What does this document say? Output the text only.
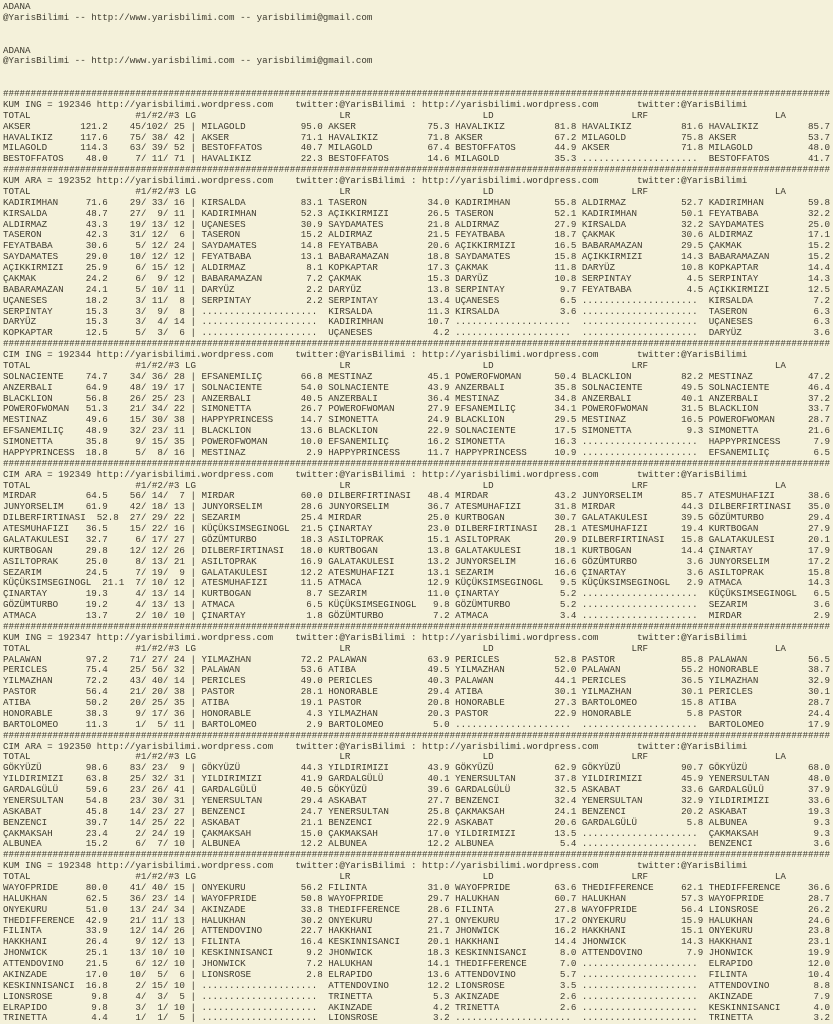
ADANA
@YarisBilimi -- http://www.yarisbilimi.com -- yarisbilimi@gmail.com

ADANA
@YarisBilimi -- http://www.yarisbilimi.com -- yarisbilimi@gmail.com

######################################################################################################################################################
KUM ING = 192346 http://yarisbilimi.wordpress.com    twitter:@YarisBilimi : http://yarisbilimi.wordpress.com       twitter:@YarisBilimi
TOTAL                   #1/#2/#3 LG                          LR                        LD                         LRF                       LA
AKSER         121.2    45/102/ 25 | MILAGOLD          95.0 AKSER             75.3 HAVALIKIZ         81.8 HAVALIKIZ         81.6 HAVALIKIZ         85.7
HAVALIKIZ     117.6    75/ 38/ 42 | AKSER             71.1 HAVALIKIZ         71.8 AKSER             67.2 MILAGOLD          75.8 AKSER             53.7
MILAGOLD      114.3    63/ 39/ 52 | BESTOFFATOS       40.7 MILAGOLD          67.4 BESTOFFATOS       44.9 AKSER             71.8 MILAGOLD          48.0
BESTOFFATOS    48.0     7/ 11/ 71 | HAVALIKIZ         22.3 BESTOFFATOS       14.6 MILAGOLD          35.3 .....................  BESTOFFATOS       41.7
######################################################################################################################################################
KUM ARA = 192352 http://yarisbilimi.wordpress.com    twitter:@YarisBilimi : http://yarisbilimi.wordpress.com       twitter:@YarisBilimi
TOTAL                   #1/#2/#3 LG                          LR                        LD                         LRF                       LA
KADIRIMHAN     71.6    29/ 33/ 16 | KIRSALDA          83.1 TASERON           34.0 KADIRIMHAN        55.8 ALDIRMAZ          52.7 KADIRIMHAN        59.8
KIRSALDA       48.7    27/  9/ 11 | KADIRIMHAN        52.3 AÇIKKIRMIZI       26.5 TASERON           52.1 KADIRIMHAN        50.1 FEYATBABA         32.2
ALDIRMAZ       43.3    19/ 13/ 12 | UÇANESES          30.9 SAYDAMATES        21.8 ALDIRMAZ          27.9 KIRSALDA          32.2 SAYDAMATES        25.0
TASERON        42.3    31/ 12/  6 | TASERON           15.2 ALDIRMAZ          21.5 FEYATBABA         18.7 ÇAKMAK            30.6 ALDIRMAZ          17.1
FEYATBABA      30.6     5/ 12/ 24 | SAYDAMATES        14.8 FEYATBABA         20.6 AÇIKKIRMIZI       16.5 BABARAMAZAN       29.5 ÇAKMAK            15.2
SAYDAMATES     29.0    10/ 12/ 12 | FEYATBABA         13.1 BABARAMAZAN       18.8 SAYDAMATES        15.8 AÇIKKIRMIZI       14.3 BABARAMAZAN       15.2
AÇIKKIRMIZI    25.9     6/ 15/ 12 | ALDIRMAZ           8.1 KOPKAPTAR         17.3 ÇAKMAK            11.8 DARYÜZ            10.8 KOPKAPTAR         14.4
ÇAKMAK         24.2     6/  9/ 12 | BABARAMAZAN        7.2 ÇAKMAK            15.3 DARYÜZ            10.8 SERPINTAY          4.5 SERPINTAY         14.3
BABARAMAZAN    24.1     5/ 10/ 11 | DARYÜZ             2.2 DARYÜZ            13.8 SERPINTAY          9.7 FEYATBABA          4.5 AÇIKKIRMIZI       12.5
UÇANESES       18.2     3/ 11/  8 | SERPINTAY          2.2 SERPINTAY         13.4 UÇANESES           6.5 .....................  KIRSALDA           7.2
SERPINTAY      15.3     3/  9/  8 | .....................  KIRSALDA          11.3 KIRSALDA           3.6 .....................  TASERON            6.3
DARYÜZ         15.3     3/  4/ 14 | .....................  KADIRIMHAN        10.7 .....................  .....................  UÇANESES           6.3
KOPKAPTAR      12.5     5/  3/  6 | .....................  UÇANESES           4.2 .....................  .....................  DARYÜZ             3.6
######################################################################################################################################################
CIM ING = 192344 http://yarisbilimi.wordpress.com    twitter:@YarisBilimi : http://yarisbilimi.wordpress.com       twitter:@YarisBilimi
TOTAL                   #1/#2/#3 LG                          LR                        LD                         LRF                       LA
SOLNACIENTE    74.7    34/ 36/ 28 | EFSANEMILIÇ       66.8 MESTINAZ          45.1 POWEROFWOMAN      50.4 BLACKLION         82.2 MESTINAZ          47.2
ANZERBALI      64.9    48/ 19/ 17 | SOLNACIENTE       54.0 SOLNACIENTE       43.9 ANZERBALI         35.8 SOLNACIENTE       49.5 SOLNACIENTE       46.4
BLACKLION      56.8    26/ 25/ 23 | ANZERBALI         40.5 ANZERBALI         36.4 MESTINAZ          34.8 ANZERBALI         40.1 ANZERBALI         37.2
POWEROFWOMAN   51.3    21/ 34/ 22 | SIMONETTA         26.7 POWEROFWOMAN      27.9 EFSANEMILIÇ       34.1 POWEROFWOMAN      31.5 BLACKLION         33.7
MESTINAZ       49.6    15/ 30/ 38 | HAPPYPRINCESS     14.7 SIMONETTA         24.9 BLACKLION         29.5 MESTINAZ          16.5 POWEROFWOMAN      28.7
EFSANEMILIÇ    48.9    32/ 23/ 11 | BLACKLION         13.6 BLACKLION         22.9 SOLNACIENTE       17.5 SIMONETTA          9.3 SIMONETTA         21.6
SIMONETTA      35.8     9/ 15/ 35 | POWEROFWOMAN      10.0 EFSANEMILIÇ       16.2 SIMONETTA         16.3 .....................  HAPPYPRINCESS      7.9
HAPPYPRINCESS  18.8     5/  8/ 16 | MESTINAZ           2.9 HAPPYPRINCESS     11.7 HAPPYPRINCESS     10.9 .....................  EFSANEMILIÇ        6.5
######################################################################################################################################################
CIM ARA = 192349 http://yarisbilimi.wordpress.com    twitter:@YarisBilimi : http://yarisbilimi.wordpress.com       twitter:@YarisBilimi
TOTAL                   #1/#2/#3 LG                          LR                        LD                         LRF                       LA
MIRDAR         64.5    56/ 14/  7 | MIRDAR            60.0 DILBERFIRTINASI   48.4 MIRDAR            43.2 JUNYORSELIM       85.7 ATESMUHAFIZI      38.6
JUNYORSELIM    61.9    42/ 18/ 13 | JUNYORSELIM       28.6 JUNYORSELIM       36.7 ATESMUHAFIZI      31.8 MIRDAR            44.3 DILBERFIRTINASI   35.0
DILBERFIRTINASI  52.8  27/ 29/ 22 | SEZARIM           25.4 MIRDAR            25.0 KURTBOGAN         30.7 GALATAKULESI      39.5 GÖZÜMTURBO        29.4
ATESMUHAFIZI   36.5    15/ 22/ 16 | KÜÇÜKSIMSEGINOGL  21.5 ÇINARTAY          23.0 DILBERFIRTINASI   28.1 ATESMUHAFIZI      19.4 KURTBOGAN         27.9
GALATAKULESI   32.7     6/ 17/ 27 | GÖZÜMTURBO        18.3 ASILTOPRAK        15.1 ASILTOPRAK        20.9 DILBERFIRTINASI   15.8 GALATAKULESI      20.1
KURTBOGAN      29.8    12/ 12/ 26 | DILBERFIRTINASI   18.0 KURTBOGAN         13.8 GALATAKULESI      18.1 KURTBOGAN         14.4 ÇINARTAY          17.9
ASILTOPRAK     25.0     8/ 13/ 21 | ASILTOPRAK        16.9 GALATAKULESI      13.2 JUNYORSELIM       16.6 GÖZÜMTURBO         3.6 JUNYORSELIM       17.2
SEZARIM        24.5     7/ 19/  9 | GALATAKULESI      12.2 ATESMUHAFIZI      13.1 SEZARIM           16.6 ÇINARTAY           3.6 ASILTOPRAK        15.8
KÜÇÜKSIMSEGINOGL  21.1  7/ 10/ 12 | ATESMUHAFIZI      11.5 ATMACA            12.9 KÜÇÜKSIMSEGINOGL   9.5 KÜÇÜKSIMSEGINOGL   2.9 ATMACA            14.3
ÇINARTAY       19.3     4/ 13/ 14 | KURTBOGAN          8.7 SEZARIM           11.0 ÇINARTAY           5.2 .....................  KÜÇÜKSIMSEGINOGL   6.5
GÖZÜMTURBO     19.2     4/ 13/ 13 | ATMACA             6.5 KÜÇÜKSIMSEGINOGL   9.8 GÖZÜMTURBO         5.2 .....................  SEZARIM            3.6
ATMACA         13.7     2/ 10/ 10 | ÇINARTAY           1.8 GÖZÜMTURBO         7.2 ATMACA             3.4 .....................  MIRDAR             2.9
######################################################################################################################################################
KUM ING = 192347 http://yarisbilimi.wordpress.com    twitter:@YarisBilimi : http://yarisbilimi.wordpress.com       twitter:@YarisBilimi
TOTAL                   #1/#2/#3 LG                          LR                        LD                         LRF                       LA
PALAWAN        97.2    71/ 27/ 24 | YILMAZHAN         72.2 PALAWAN           63.9 PERICLES          52.8 PASTOR            85.8 PALAWAN           56.5
PERICLES       75.4    25/ 56/ 32 | PALAWAN           53.6 ATIBA             49.5 YILMAZHAN         52.0 PALAWAN           55.2 HONORABLE         38.7
YILMAZHAN      72.2    43/ 40/ 14 | PERICLES          49.0 PERICLES          40.3 PALAWAN           44.1 PERICLES          36.5 YILMAZHAN         32.9
PASTOR         56.4    21/ 20/ 38 | PASTOR            28.1 HONORABLE         29.4 ATIBA             30.1 YILMAZHAN         30.1 PERICLES          30.1
ATIBA          50.2    20/ 25/ 35 | ATIBA             19.1 PASTOR            20.8 HONORABLE         27.3 BARTOLOMEO        15.8 ATIBA             28.7
HONORABLE      38.3     9/ 17/ 36 | HONORABLE          4.3 YILMAZHAN         20.3 PASTOR            22.9 HONORABLE          5.8 PASTOR            24.4
BARTOLOMEO     11.3     1/  5/ 11 | BARTOLOMEO         2.9 BARTOLOMEO         5.0 .....................  .....................  BARTOLOMEO        17.9
######################################################################################################################################################
CIM ARA = 192350 http://yarisbilimi.wordpress.com    twitter:@YarisBilimi : http://yarisbilimi.wordpress.com       twitter:@YarisBilimi
TOTAL                   #1/#2/#3 LG                          LR                        LD                         LRF                       LA
GÖKYÜZÜ        98.6    83/ 23/  9 | GÖKYÜZÜ           44.3 YILDIRIMIZI       43.9 GÖKYÜZÜ           62.9 GÖKYÜZÜ           90.7 GÖKYÜZÜ           68.0
YILDIRIMIZI    63.8    25/ 32/ 31 | YILDIRIMIZI       41.9 GARDALGÜLÜ        40.1 YENERSULTAN       37.8 YILDIRIMIZI       45.9 YENERSULTAN       48.0
GARDALGÜLÜ     59.6    23/ 26/ 41 | GARDALGÜLÜ        40.5 GÖKYÜZÜ           39.6 GARDALGÜLÜ        32.5 ASKABAT           33.6 GARDALGÜLÜ        37.9
YENERSULTAN    54.8    23/ 30/ 31 | YENERSULTAN       29.4 ASKABAT           27.7 BENZENCI          32.4 YENERSULTAN       32.9 YILDIRIMIZI       33.6
ASKABAT        45.8    14/ 23/ 27 | BENZENCI          24.7 YENERSULTAN       25.8 ÇAKMAKSAH         24.1 BENZENCI          20.2 ASKABAT           19.3
BENZENCI       39.7    14/ 25/ 22 | ASKABAT           21.1 BENZENCI          22.9 ASKABAT           20.6 GARDALGÜLÜ         5.8 ALBUNEA            9.3
ÇAKMAKSAH      23.4     2/ 24/ 19 | ÇAKMAKSAH         15.0 ÇAKMAKSAH         17.0 YILDIRIMIZI       13.5 .....................  ÇAKMAKSAH          9.3
ALBUNEA        15.2     6/  7/ 10 | ALBUNEA           12.2 ALBUNEA           12.2 ALBUNEA            5.4 .....................  BENZENCI           3.6
######################################################################################################################################################
KUM ING = 192348 http://yarisbilimi.wordpress.com    twitter:@YarisBilimi : http://yarisbilimi.wordpress.com       twitter:@YarisBilimi
TOTAL                   #1/#2/#3 LG                          LR                        LD                         LRF                       LA
WAYOFPRIDE     80.0    41/ 40/ 15 | ONYEKURU          56.2 FILINTA           31.0 WAYOFPRIDE        63.6 THEDIFFERENCE     62.1 THEDIFFERENCE     36.6
HALUKHAN       62.5    36/ 23/ 14 | WAYOFPRIDE        50.8 WAYOFPRIDE        29.7 HALUKHAN          60.7 HALUKHAN          57.3 WAYOFPRIDE        28.7
ONYEKURU       51.0    13/ 24/ 34 | AKINZADE          33.8 THEDIFFERENCE     28.6 FILINTA           27.8 WAYOFPRIDE        56.4 LIONSROSE         26.2
THEDIFFERENCE  42.9    21/ 11/ 13 | HALUKHAN          30.2 ONYEKURU          27.1 ONYEKURU          17.2 ONYEKURU          15.9 HALUKHAN          24.6
FILINTA        33.9    12/ 14/ 26 | ATTENDOVINO       22.7 HAKKHANI          21.7 JHONWICK          16.2 HAKKHANI          15.1 ONYEKURU          23.8
HAKKHANI       26.4     9/ 12/ 13 | FILINTA           16.4 KESKINNISANCI     20.1 HAKKHANI          14.4 JHONWICK          14.3 HAKKHANI          23.1
JHONWICK       25.1    13/ 10/ 10 | KESKINNISANCI      9.2 JHONWICK          18.3 KESKINNISANCI      8.0 ATTENDOVINO        7.9 JHONWICK          19.9
ATTENDOVINO    21.5     6/ 12/ 10 | JHONWICK           7.2 HALUKHAN          14.1 THEDIFFERENCE      7.0 .....................  ELRAPIDO          12.0
AKINZADE       17.0    10/  5/  6 | LIONSROSE          2.8 ELRAPIDO          13.6 ATTENDOVINO        5.7 .....................  FILINTA           10.4
KESKINNISANCI  16.8     2/ 15/ 10 | .....................  ATTENDOVINO       12.2 LIONSROSE          3.5 .....................  ATTENDOVINO        8.8
LIONSROSE       9.8     4/  3/  5 | .....................  TRINETTA           5.3 AKINZADE           2.6 .....................  AKINZADE           7.9
ELRAPIDO        9.8     3/  1/ 10 | .....................  AKINZADE           4.2 TRINETTA           2.6 .....................  KESKINNISANCI      4.0
TRINETTA        4.4     1/  1/  5 | .....................  LIONSROSE          3.2 .....................  .....................  TRINETTA           3.2
